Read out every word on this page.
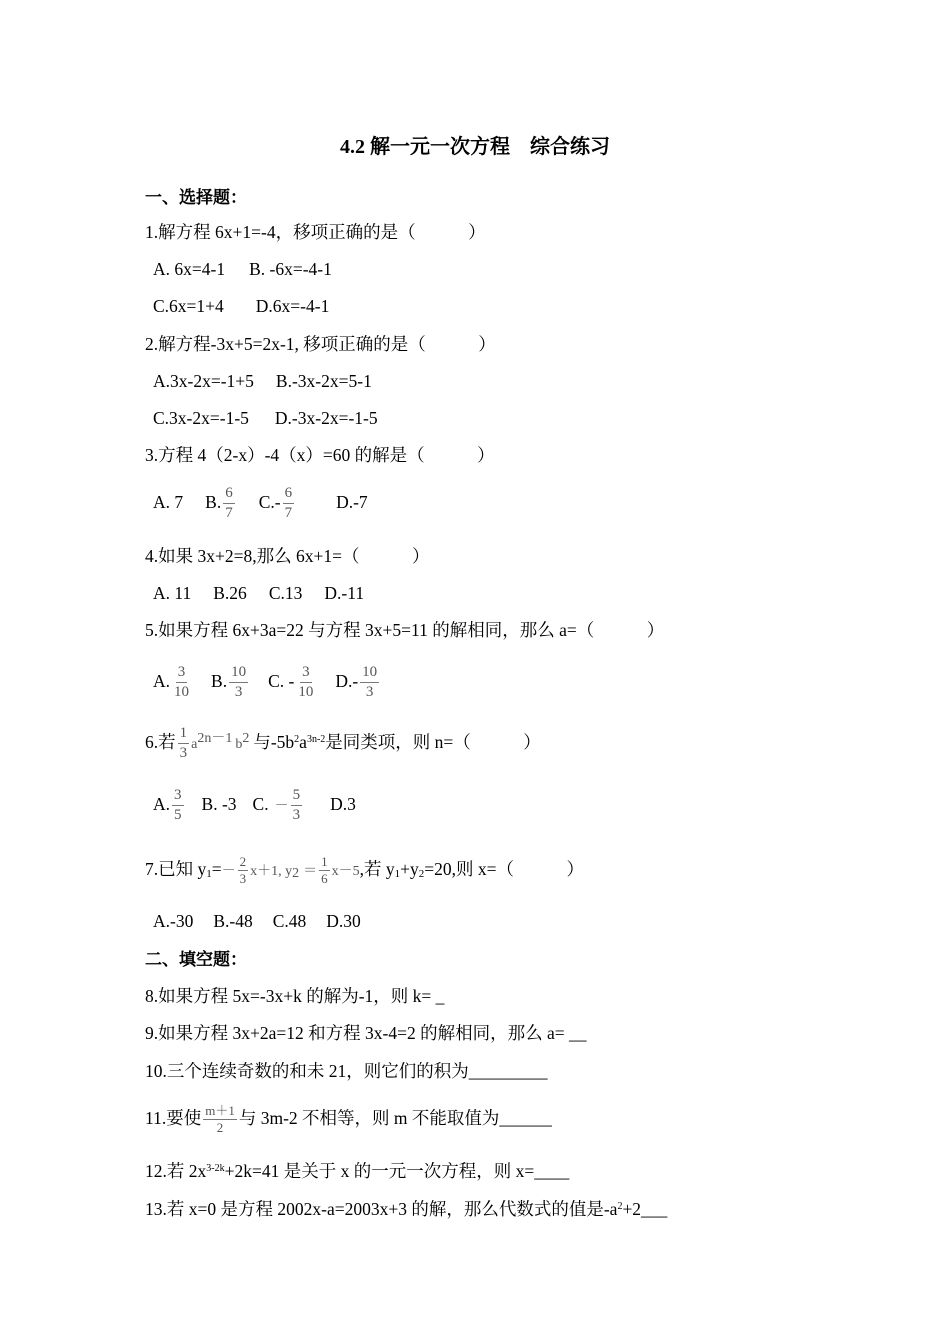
4.2 解一元一次方程　综合练习
一、选择题：
1.解方程 6x+1=-4，移项正确的是（　　　）
A. 6x=4-1 B. -6x=-4-1
C.6x=1+4 D.6x=-4-1
2.解方程-3x+5=2x-1, 移项正确的是（　　　）
A.3x-2x=-1+5 B.-3x-2x=5-1
C.3x-2x=-1-5 D.-3x-2x=-1-5
3.方程 4（2-x）-4（x）=60 的解是（　　　）
A. 7 B. $\frac{6}{7} C.- \frac{6}{7} D.-7$
4.如果 3x+2=8,那么 6x+1=（　　　）
A. 11 B.26 C.13 D.-11
5.如果方程 6x+3a=22 与方程 3x+5=11 的解相同，那么 a=（　　　）
A. $\frac{3}{10} B$. $\frac{10}{3} C$. - $\frac{3}{10} D.- \frac{10}{3}$
6.若 $\frac{1}{3} a^{2n-1}$ $b^2$ 与$-5b^2a^{3n-2}$是同类项，则 n=（　　　）
A. $\frac{3}{5} B$. -3 C. － $\frac{5}{3} D.3$
7.已知 $y_1=- \frac{2}{3} x+1$, $y_2 = \frac{1}{6} x-5$,若 $y_1+y_2=20$,则 x=（　　　）
A.-30 B.-48 C.48 D.30
二、填空题：
8.如果方程 5x=-3x+k 的解为-1，则 k= _
9.如果方程 3x+2a=12 和方程 3x-4=2 的解相同，那么 a= __
10.三个连续奇数的和未 21，则它们的积为_________
11.要使 $\frac{m+1}{2}$ 与 3m-2 不相等，则 m 不能取值为______
12.若 $2x^{3-2k}+2k=41$ 是关于 x 的一元一次方程，则 x=____
13.若 x=0 是方程 2002x-a=2003x+3 的解，那么代数式的值是$-a^2+2\_\_\_$
